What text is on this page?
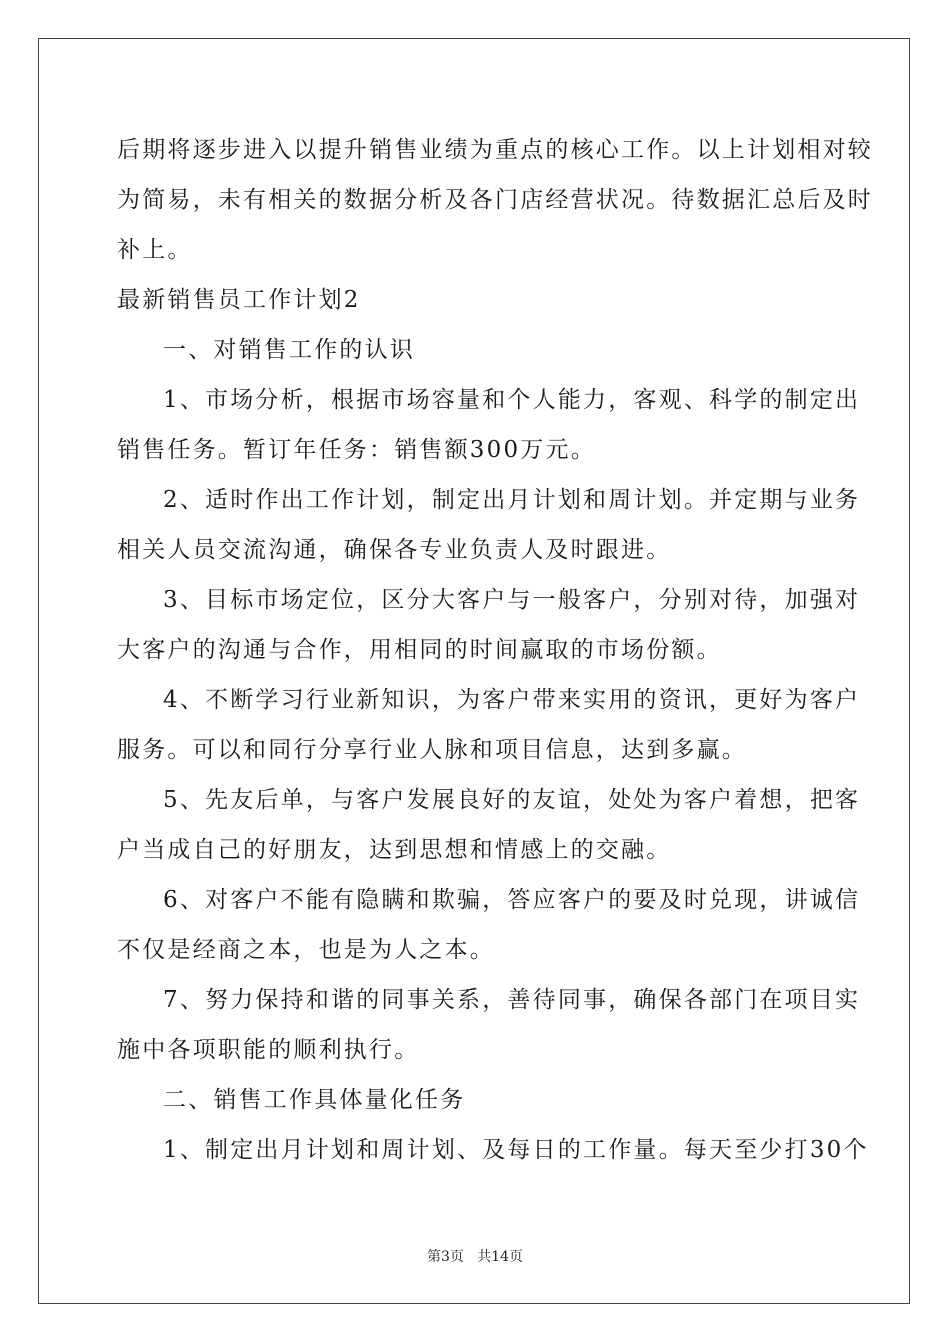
后期将逐步进入以提升销售业绩为重点的核心工作。以上计划相对较
为简易，未有相关的数据分析及各门店经营状况。待数据汇总后及时
补上。
最新销售员工作计划2
一、对销售工作的认识
1、市场分析，根据市场容量和个人能力，客观、科学的制定出
销售任务。暂订年任务：销售额300万元。
2、适时作出工作计划，制定出月计划和周计划。并定期与业务
相关人员交流沟通，确保各专业负责人及时跟进。
3、目标市场定位，区分大客户与一般客户，分别对待，加强对
大客户的沟通与合作，用相同的时间赢取的市场份额。
4、不断学习行业新知识，为客户带来实用的资讯，更好为客户
服务。可以和同行分享行业人脉和项目信息，达到多赢。
5、先友后单，与客户发展良好的友谊，处处为客户着想，把客
户当成自己的好朋友，达到思想和情感上的交融。
6、对客户不能有隐瞒和欺骗，答应客户的要及时兑现，讲诚信
不仅是经商之本，也是为人之本。
7、努力保持和谐的同事关系，善待同事，确保各部门在项目实
施中各项职能的顺利执行。
二、销售工作具体量化任务
1、制定出月计划和周计划、及每日的工作量。每天至少打30个
第3页   共14页
